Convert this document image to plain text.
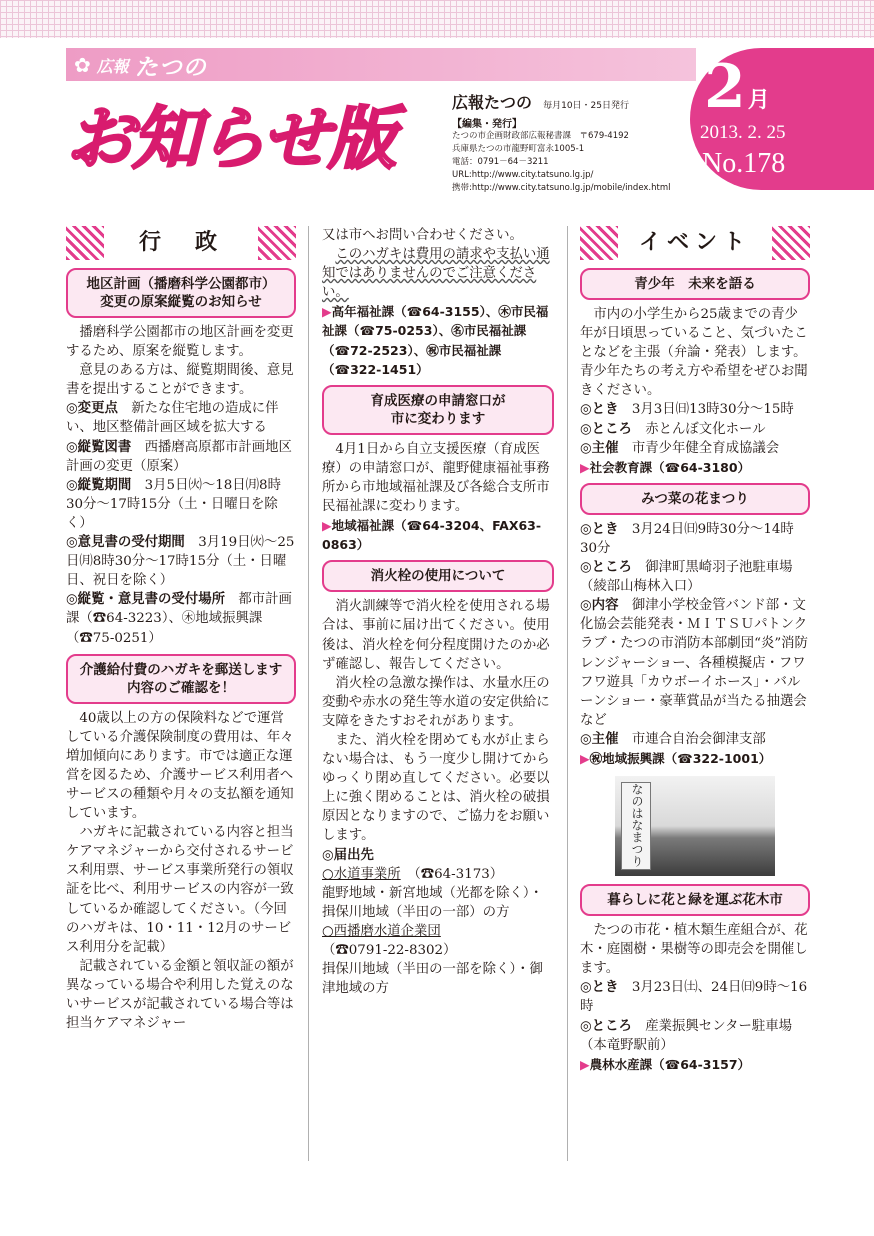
✿ 広報 たつの
お知らせ版	広報たつの 毎月10日・25日発行
【編集・発行】
たつの市企画財政部広報秘書課　〒679-4192
兵庫県たつの市龍野町富永1005-1
電話：0791－64－3211
URL:http://www.city.tatsuno.lg.jp/
携帯:http://www.city.tatsuno.lg.jp/mobile/index.html
2月
2013. 2. 25
No.178
行　政
地区計画（播磨科学公園都市）
変更の原案縦覧のお知らせ

播磨科学公園都市の地区計画を変更するため、原案を縦覧します。

意見のある方は、縦覧期間後、意見書を提出することができます。

◎変更点　新たな住宅地の造成に伴い、地区整備計画区域を拡大する

◎縦覧図書　西播磨高原都市計画地区計画の変更（原案）

◎縦覧期間　3月5日㈫～18日㈪8時30分～17時15分（土・日曜日を除く）

◎意見書の受付期間　3月19日㈫～25日㈪8時30分～17時15分（土・日曜日、祝日を除く）

◎縦覧・意見書の受付場所　都市計画課（☎64-3223）、㊍地域振興課（☎75-0251）

介護給付費のハガキを郵送します
内容のご確認を！

40歳以上の方の保険料などで運営している介護保険制度の費用は、年々増加傾向にあります。市では適正な運営を図るため、介護サービス利用者へサービスの種類や月々の支払額を通知しています。

ハガキに記載されている内容と担当ケアマネジャーから交付されるサービス利用票、サービス事業所発行の領収証を比べ、利用サービスの内容が一致しているか確認してください。（今回のハガキは、10・11・12月のサービス利用分を記載）

記載されている金額と領収証の額が異なっている場合や利用した覚えのないサービスが記載されている場合等は担当ケアマネジャー

又は市へお問い合わせください。

このハガキは費用の請求や支払い通知ではありませんのでご注意ください。

▶高年福祉課（☎64-3155）、㊍市民福祉課（☎75-0253）、㊔市民福祉課（☎72-2523）、㊗市民福祉課（☎322-1451）

育成医療の申請窓口が
市に変わります

4月1日から自立支援医療（育成医療）の申請窓口が、龍野健康福祉事務所から市地域福祉課及び各総合支所市民福祉課に変わります。

▶地域福祉課（☎64-3204、FAX63-0863）

消火栓の使用について

消火訓練等で消火栓を使用される場合は、事前に届け出てください。使用後は、消火栓を何分程度開けたのか必ず確認し、報告してください。

消火栓の急激な操作は、水量水圧の変動や赤水の発生等水道の安定供給に支障をきたすおそれがあります。

また、消火栓を閉めても水が止まらない場合は、もう一度少し開けてからゆっくり閉め直してください。必要以上に強く閉めることは、消火栓の破損原因となりますので、ご協力をお願いします。

◎届出先

○水道事業所　（☎64-3173）

龍野地域・新宮地域（光都を除く）・揖保川地域（半田の一部）の方

○西播磨水道企業団

（☎0791-22-8302）

揖保川地域（半田の一部を除く）・御津地域の方

イベント
青少年　未来を語る

市内の小学生から25歳までの青少年が日頃思っていること、気づいたことなどを主張（弁論・発表）します。青少年たちの考え方や希望をぜひお聞きください。

◎とき　3月3日㈰13時30分～15時

◎ところ　赤とんぼ文化ホール

◎主催　市青少年健全育成協議会

▶社会教育課（☎64-3180）

みつ菜の花まつり

◎とき　3月24日㈰9時30分～14時30分

◎ところ　御津町黒崎羽子池駐車場（綾部山梅林入口）

◎内容　御津小学校金管バンド部・文化協会芸能発表・ＭＩＴＳＵパトンクラブ・たつの市消防本部劇団“炎”消防レンジャーショー、各種模擬店・フワフワ遊具「カウボーイホース」・バルーンショー・豪華賞品が当たる抽選会など

◎主催　市連合自治会御津支部

▶㊗地域振興課（☎322-1001）

なのはなまつり
暮らしに花と緑を運ぶ花木市

たつの市花・植木類生産組合が、花木・庭園樹・果樹等の即売会を開催します。

◎とき　3月23日㈯、24日㈰9時～16時

◎ところ　産業振興センター駐車場（本竜野駅前）

▶農林水産課（☎64-3157）
